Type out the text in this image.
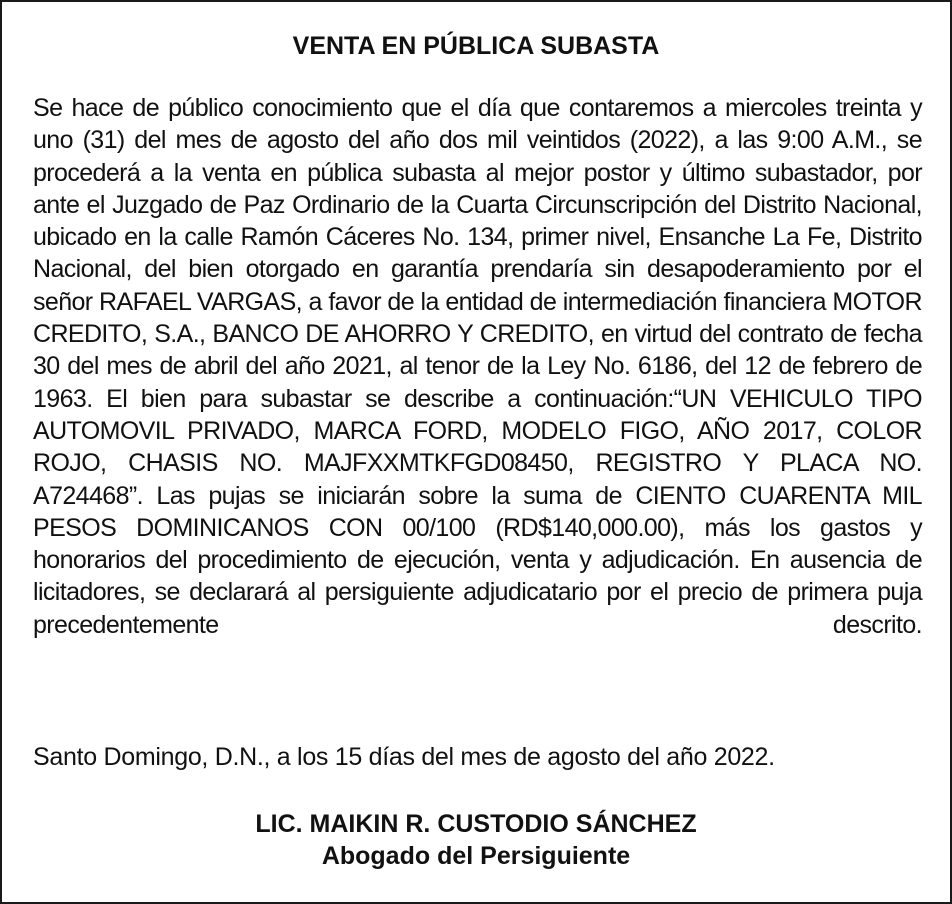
VENTA EN PÚBLICA SUBASTA

Se hace de público conocimiento que el día que contaremos a miercoles treinta y uno (31) del mes de agosto del año dos mil veintidos (2022), a las 9:00 A.M., se procederá a la venta en pública subasta al mejor postor y último subastador, por ante el Juzgado de Paz Ordinario de la Cuarta Circunscripción del Distrito Nacional, ubicado en la calle Ramón Cáceres No. 134, primer nivel, Ensanche La Fe, Distrito Nacional, del bien otorgado en garantía prendaría sin desapoderamiento por el señor RAFAEL VARGAS, a favor de la entidad de intermediación financiera MOTOR CREDITO, S.A., BANCO DE AHORRO Y CREDITO, en virtud del contrato de fecha 30 del mes de abril del año 2021, al tenor de la Ley No. 6186, del 12 de febrero de 1963. El bien para subastar se describe a continuación:“UN VEHICULO TIPO AUTOMOVIL PRIVADO, MARCA FORD, MODELO FIGO, AÑO 2017, COLOR ROJO, CHASIS NO. MAJFXXMTKFGD08450, REGISTRO Y PLACA NO. A724468”. Las pujas se iniciarán sobre la suma de CIENTO CUARENTA MIL PESOS DOMINICANOS CON 00/100 (RD$140,000.00), más los gastos y honorarios del procedimiento de ejecución, venta y adjudicación. En ausencia de licitadores, se declarará al persiguiente adjudicatario por el precio de primera puja precedentemente descrito.

Santo Domingo, D.N., a los 15 días del mes de agosto del año 2022.

LIC. MAIKIN R. CUSTODIO SÁNCHEZ
Abogado del Persiguiente
